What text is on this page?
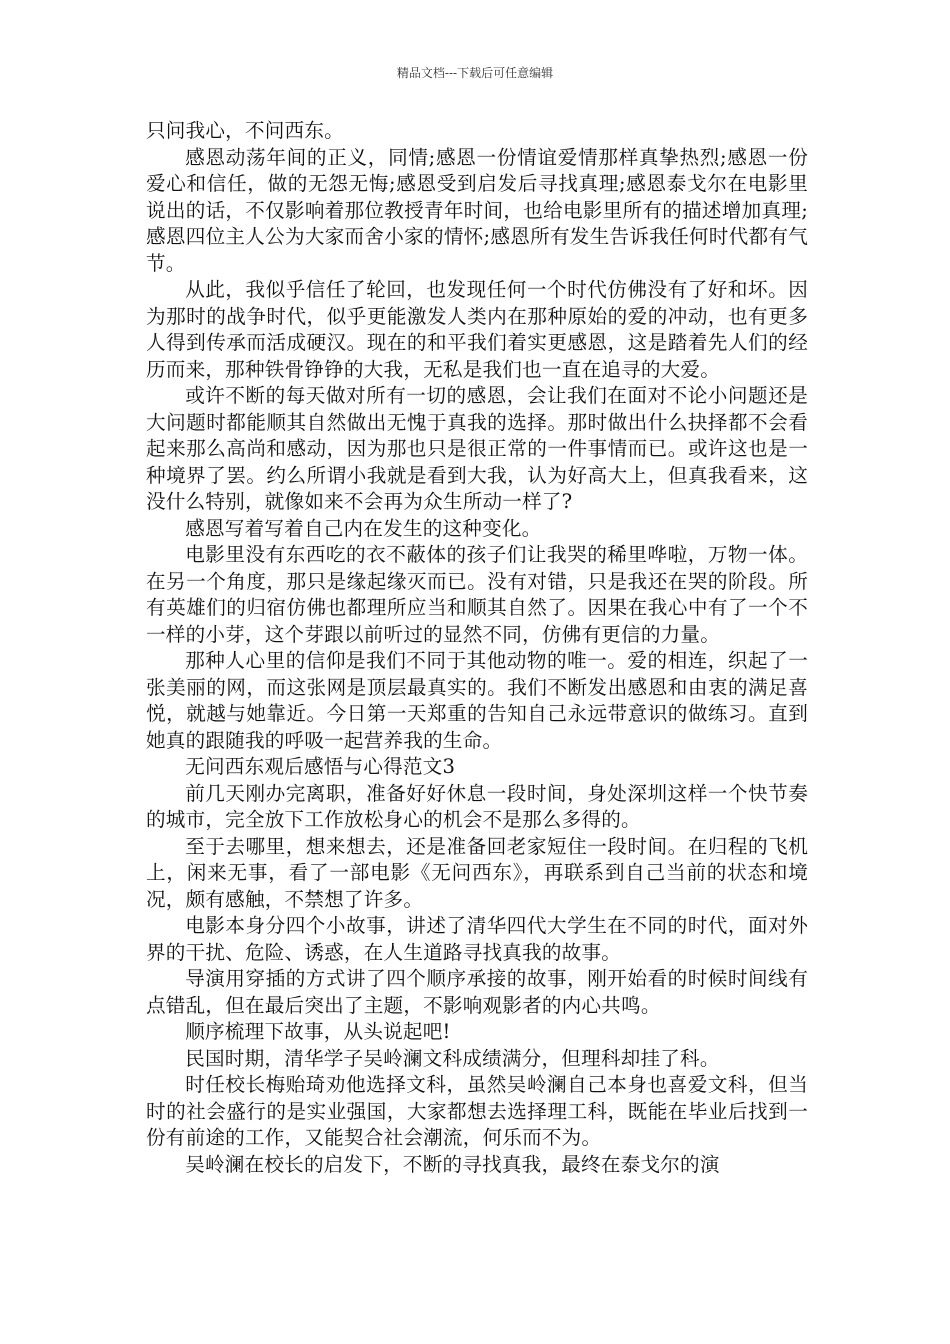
精品文档---下载后可任意编辑

只问我心，不问西东。

感恩动荡年间的正义，同情;感恩一份情谊爱情那样真挚热烈;感恩一份爱心和信任，做的无怨无悔;感恩受到启发后寻找真理;感恩泰戈尔在电影里说出的话，不仅影响着那位教授青年时间，也给电影里所有的描述增加真理;感恩四位主人公为大家而舍小家的情怀;感恩所有发生告诉我任何时代都有气节。

从此，我似乎信任了轮回，也发现任何一个时代仿佛没有了好和坏。因为那时的战争时代，似乎更能激发人类内在那种原始的爱的冲动，也有更多人得到传承而活成硬汉。现在的和平我们着实更感恩，这是踏着先人们的经历而来，那种铁骨铮铮的大我，无私是我们也一直在追寻的大爱。

或许不断的每天做对所有一切的感恩，会让我们在面对不论小问题还是大问题时都能顺其自然做出无愧于真我的选择。那时做出什么抉择都不会看起来那么高尚和感动，因为那也只是很正常的一件事情而已。或许这也是一种境界了罢。约么所谓小我就是看到大我，认为好高大上，但真我看来，这没什么特别，就像如来不会再为众生所动一样了?

感恩写着写着自己内在发生的这种变化。

电影里没有东西吃的衣不蔽体的孩子们让我哭的稀里哗啦，万物一体。在另一个角度，那只是缘起缘灭而已。没有对错，只是我还在哭的阶段。所有英雄们的归宿仿佛也都理所应当和顺其自然了。因果在我心中有了一个不一样的小芽，这个芽跟以前听过的显然不同，仿佛有更信的力量。

那种人心里的信仰是我们不同于其他动物的唯一。爱的相连，织起了一张美丽的网，而这张网是顶层最真实的。我们不断发出感恩和由衷的满足喜悦，就越与她靠近。今日第一天郑重的告知自己永远带意识的做练习。直到她真的跟随我的呼吸一起营养我的生命。

无问西东观后感悟与心得范文3

前几天刚办完离职，准备好好休息一段时间，身处深圳这样一个快节奏的城市，完全放下工作放松身心的机会不是那么多得的。

至于去哪里，想来想去，还是准备回老家短住一段时间。在归程的飞机上，闲来无事，看了一部电影《无问西东》，再联系到自己当前的状态和境况，颇有感触，不禁想了许多。

电影本身分四个小故事，讲述了清华四代大学生在不同的时代，面对外界的干扰、危险、诱惑，在人生道路寻找真我的故事。

导演用穿插的方式讲了四个顺序承接的故事，刚开始看的时候时间线有点错乱，但在最后突出了主题，不影响观影者的内心共鸣。

顺序梳理下故事，从头说起吧!

民国时期，清华学子吴岭澜文科成绩满分，但理科却挂了科。

时任校长梅贻琦劝他选择文科，虽然吴岭澜自己本身也喜爱文科，但当时的社会盛行的是实业强国，大家都想去选择理工科，既能在毕业后找到一份有前途的工作，又能契合社会潮流，何乐而不为。

吴岭澜在校长的启发下，不断的寻找真我，最终在泰戈尔的演
